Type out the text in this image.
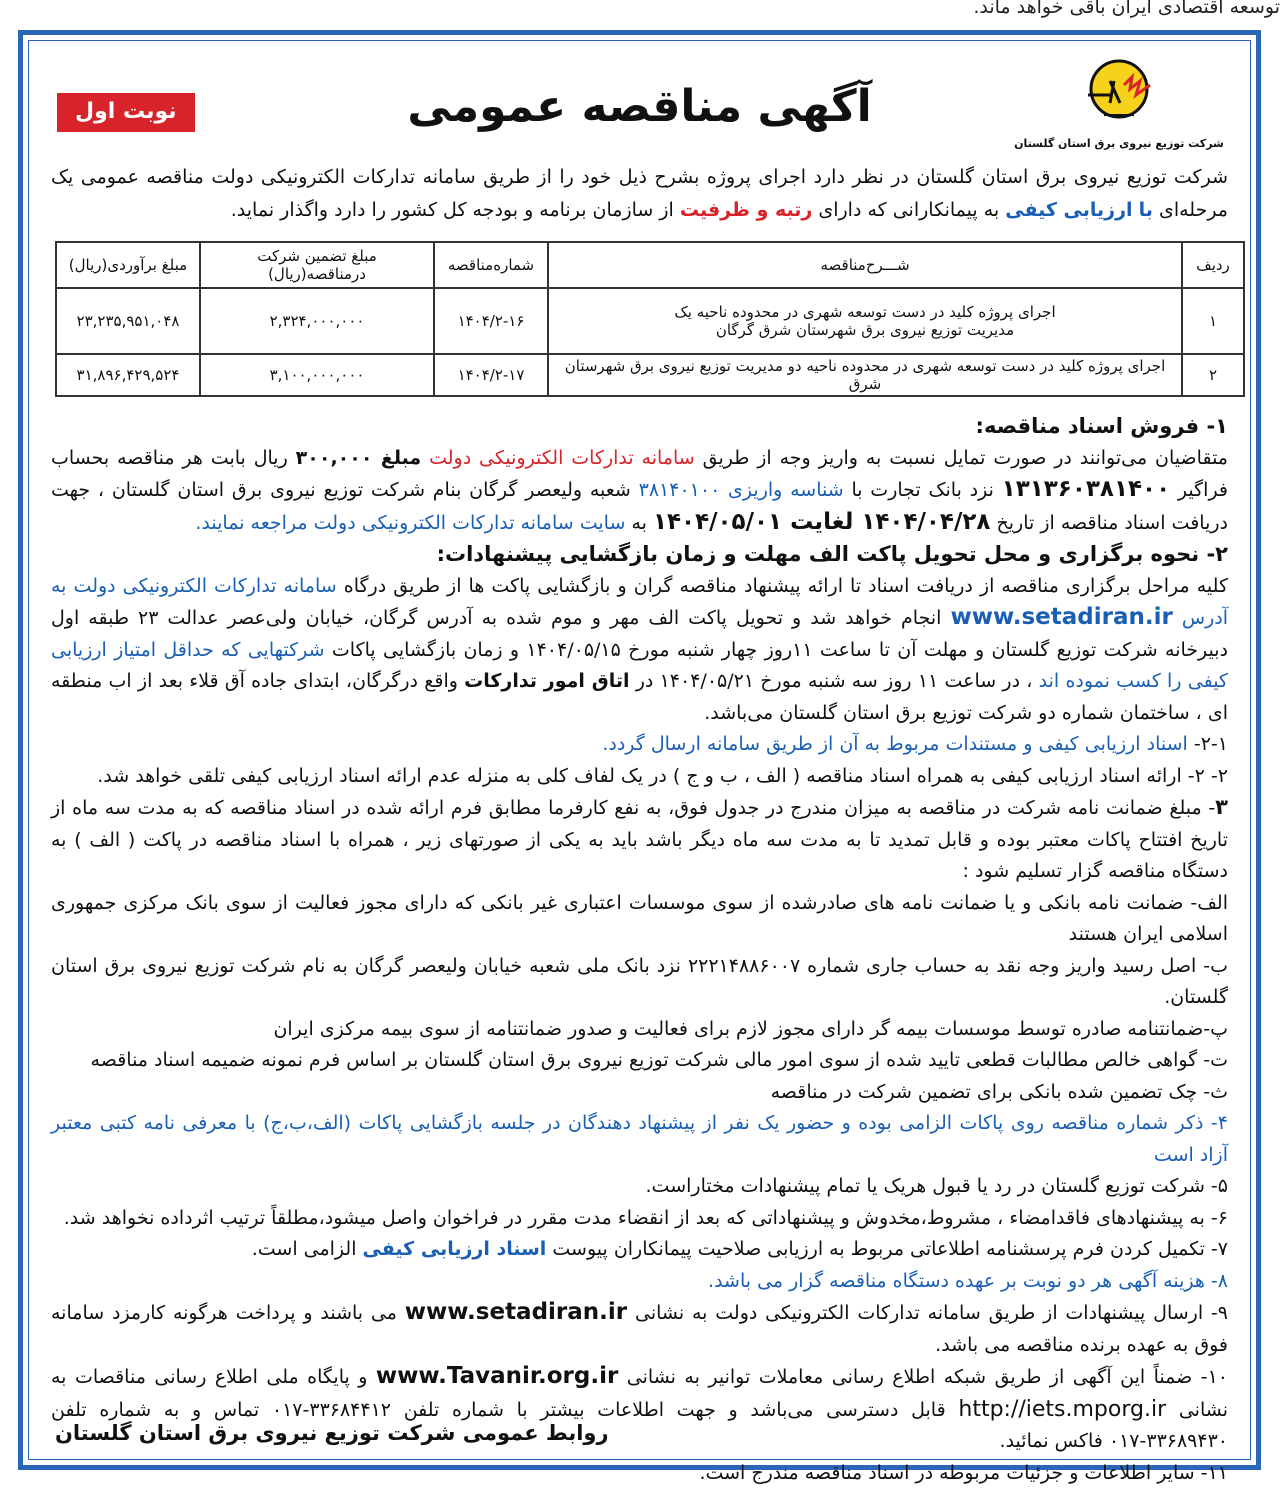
توسعه اقتصادی ایران باقی خواهد ماند.
شرکت توزیع نیروی برق استان گلستان
آگهی مناقصه عمومی
نوبت اول
شرکت توزیع نیروی برق استان گلستان در نظر دارد اجرای پروژه بشرح ذیل خود را از طریق سامانه تدارکات الکترونیکی دولت مناقصه عمومی یک مرحله‌ای با ارزیابی کیفی به پیمانکارانی که دارای رتبه و ظرفیت از سازمان برنامه و بودجه کل کشور را دارد واگذار نماید.
ردیف	شـــرح‌مناقصه	شماره‌مناقصه	مبلغ تضمین شرکت درمناقصه(ریال)	مبلغ برآوردی(ریال)
۱	اجرای پروژه کلید در دست توسعه شهری در محدوده ناحیه یک
مدیریت توزیع نیروی برق شهرستان شرق گرگان	۱۴۰۴/۲-۱۶	۲,۳۲۴,۰۰۰,۰۰۰	۲۳,۲۳۵,۹۵۱,۰۴۸
۲	اجرای پروژه کلید در دست توسعه شهری در محدوده ناحیه دو مدیریت توزیع نیروی برق شهرستان شرق	۱۴۰۴/۲-۱۷	۳,۱۰۰,۰۰۰,۰۰۰	۳۱,۸۹۶,۴۲۹,۵۲۴

۱- فروش اسناد مناقصه:

متقاضیان می‌توانند در صورت تمایل نسبت به واریز وجه از طریق سامانه تدارکات الکترونیکی دولت مبلغ ۳۰۰,۰۰۰ ریال بابت هر مناقصه بحساب فراگیر ۱۳۱۳۶۰۳۸۱۴۰۰ نزد بانک تجارت با شناسه واریزی ۳۸۱۴۰۱۰۰ شعبه ولیعصر گرگان بنام شرکت توزیع نیروی برق استان گلستان ، جهت دریافت اسناد مناقصه از تاریخ ۱۴۰۴/۰۴/۲۸ لغایت ۱۴۰۴/۰۵/۰۱ به سایت سامانه تدارکات الکترونیکی دولت مراجعه نمایند.

۲- نحوه برگزاری و محل تحویل پاکت الف مهلت و زمان بازگشایی پیشنهادات:

کلیه مراحل برگزاری مناقصه از دریافت اسناد تا ارائه پیشنهاد مناقصه گران و بازگشایی پاکت ها از طریق درگاه سامانه تدارکات الکترونیکی دولت به آدرس www.setadiran.ir انجام خواهد شد و تحویل پاکت الف مهر و موم شده به آدرس گرگان، خیابان ولی‌عصر عدالت ۲۳ طبقه اول دبیرخانه شرکت توزیع گلستان و مهلت آن تا ساعت ۱۱روز چهار شنبه مورخ ۱۴۰۴/۰۵/۱۵ و زمان بازگشایی پاکات شرکتهایی که حداقل امتیاز ارزیابی کیفی را کسب نموده اند ، در ساعت ۱۱ روز سه شنبه مورخ ۱۴۰۴/۰۵/۲۱ در اتاق امور تدارکات واقع درگرگان، ابتدای جاده آق قلاء بعد از اب منطقه ای ، ساختمان شماره دو شرکت توزیع برق استان گلستان می‌باشد.

۲-۱- اسناد ارزیابی کیفی و مستندات مربوط به آن از طریق سامانه ارسال گردد.

۲- ۲- ارائه اسناد ارزیابی کیفی به همراه اسناد مناقصه ( الف ، ب و ج ) در یک لفاف کلی به منزله عدم ارائه اسناد ارزیابی کیفی تلقی خواهد شد.

۳- مبلغ ضمانت نامه شرکت در مناقصه به میزان مندرج در جدول فوق، به نفع کارفرما مطابق فرم ارائه شده در اسناد مناقصه که به مدت سه ماه از تاریخ افتتاح پاکات معتبر بوده و قابل تمدید تا به مدت سه ماه دیگر باشد باید به یکی از صورتهای زیر ، همراه با اسناد مناقصه در پاکت ( الف ) به دستگاه مناقصه گزار تسلیم شود :

الف- ضمانت نامه بانکی و یا ضمانت نامه های صادرشده از سوی موسسات اعتباری غیر بانکی که دارای مجوز فعالیت از سوی بانک مرکزی جمهوری اسلامی ایران هستند

ب- اصل رسید واریز وجه نقد به حساب جاری شماره ۲۲۲۱۴۸۸۶۰۰۷ نزد بانک ملی شعبه خیابان ولیعصر گرگان به نام شرکت توزیع نیروی برق استان گلستان.

پ-ضمانتنامه صادره توسط موسسات بیمه گر دارای مجوز لازم برای فعالیت و صدور ضمانتنامه از سوی بیمه مرکزی ایران

ت- گواهی خالص مطالبات قطعی تایید شده از سوی امور مالی شرکت توزیع نیروی برق استان گلستان بر اساس فرم نمونه ضمیمه اسناد مناقصه

ث- چک تضمین شده بانکی برای تضمین شرکت در مناقصه

۴- ذکر شماره مناقصه روی پاکات الزامی بوده و حضور یک نفر از پیشنهاد دهندگان در جلسه بازگشایی پاکات (الف،ب،ج) با معرفی نامه کتبی معتبر آزاد است

۵- شرکت توزیع گلستان در رد یا قبول هریک یا تمام پیشنهادات مختاراست.

۶- به پیشنهادهای فاقدامضاء ، مشروط،مخدوش و پیشنهاداتی که بعد از انقضاء مدت مقرر در فراخوان واصل میشود،مطلقاً ترتیب اثرداده نخواهد شد.

۷- تکمیل کردن فرم پرسشنامه اطلاعاتی مربوط به ارزیابی صلاحیت پیمانکاران پیوست اسناد ارزیابی کیفی الزامی است.

۸- هزینه آگهی هر دو نوبت بر عهده دستگاه مناقصه گزار می باشد.

۹- ارسال پیشنهادات از طریق سامانه تدارکات الکترونیکی دولت به نشانی www.setadiran.ir می باشند و پرداخت هرگونه کارمزد سامانه فوق به عهده برنده مناقصه می باشد.

۱۰- ضمناً این آگهی از طریق شبکه اطلاع رسانی معاملات توانیر به نشانی www.Tavanir.org.ir و پایگاه ملی اطلاع رسانی مناقصات به نشانی http://iets.mporg.ir قابل دسترسی می‌باشد و جهت اطلاعات بیشتر با شماره تلفن ۳۳۶۸۴۴۱۲-۰۱۷ تماس و به شماره تلفن ۳۳۶۸۹۴۳۰-۰۱۷ فاکس نمائید.

۱۱- سایر اطلاعات و جزئیات مربوطه در اسناد مناقصه مندرج است.

روابط عمومی شرکت توزیع نیروی برق استان گلستان
